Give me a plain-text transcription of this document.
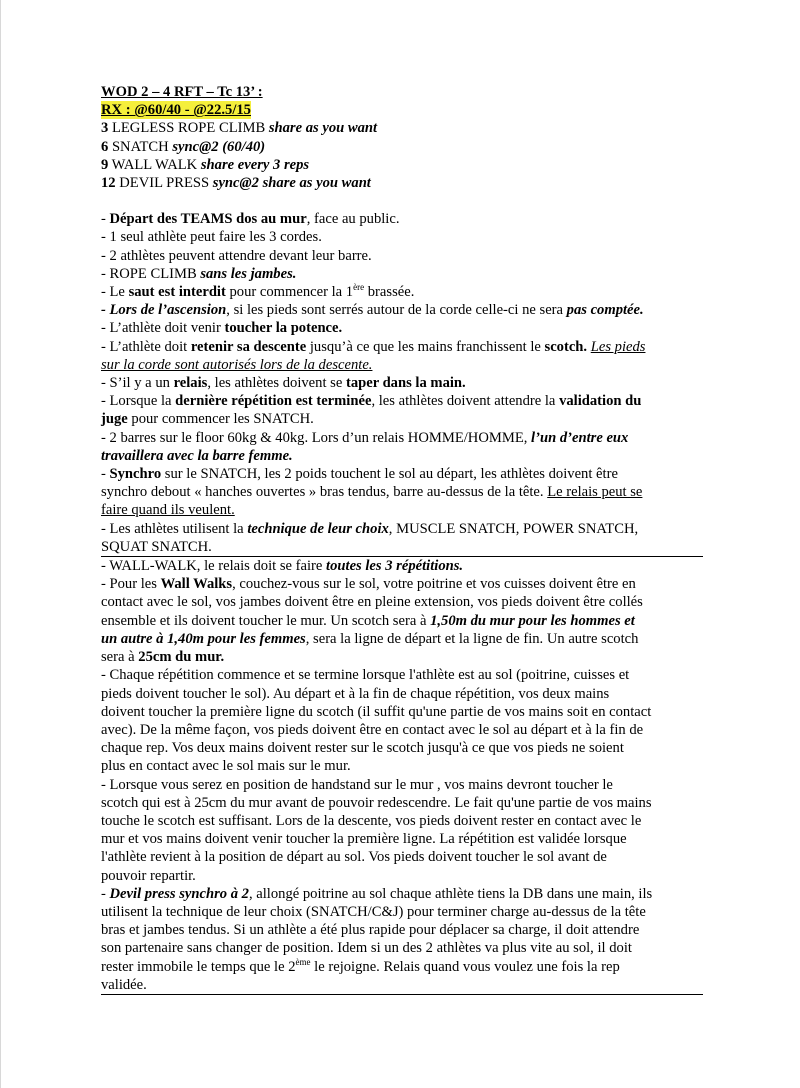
WOD 2 – 4 RFT – Tc 13’ :
RX : @60/40 - @22.5/15
3 LEGLESS ROPE CLIMB share as you want
6 SNATCH sync@2 (60/40)
9 WALL WALK share every 3 reps
12 DEVIL PRESS sync@2 share as you want
- Départ des TEAMS dos au mur, face au public.
- 1 seul athlète peut faire les 3 cordes.
- 2 athlètes peuvent attendre devant leur barre.
- ROPE CLIMB sans les jambes.
- Le saut est interdit pour commencer la 1ère brassée.
- Lors de l’ascension, si les pieds sont serrés autour de la corde celle-ci ne sera pas comptée.
- L’athlète doit venir toucher la potence.
- L’athlète doit retenir sa descente jusqu’à ce que les mains franchissent le scotch. Les pieds
sur la corde sont autorisés lors de la descente.
- S’il y a un relais, les athlètes doivent se taper dans la main.
- Lorsque la dernière répétition est terminée, les athlètes doivent attendre la validation du
juge pour commencer les SNATCH.
- 2 barres sur le floor 60kg & 40kg. Lors d’un relais HOMME/HOMME, l’un d’entre eux
travaillera avec la barre femme.
- Synchro sur le SNATCH, les 2 poids touchent le sol au départ, les athlètes doivent être
synchro debout « hanches ouvertes » bras tendus, barre au-dessus de la tête. Le relais peut se
faire quand ils veulent.
- Les athlètes utilisent la technique de leur choix, MUSCLE SNATCH, POWER SNATCH,
SQUAT SNATCH.
- WALL-WALK, le relais doit se faire toutes les 3 répétitions.
- Pour les Wall Walks, couchez-vous sur le sol, votre poitrine et vos cuisses doivent être en
contact avec le sol, vos jambes doivent être en pleine extension, vos pieds doivent être collés
ensemble et ils doivent toucher le mur. Un scotch sera à 1,50m du mur pour les hommes et
un autre à 1,40m pour les femmes, sera la ligne de départ et la ligne de fin. Un autre scotch
sera à 25cm du mur.
- Chaque répétition commence et se termine lorsque l'athlète est au sol (poitrine, cuisses et
pieds doivent toucher le sol). Au départ et à la fin de chaque répétition, vos deux mains
doivent toucher la première ligne du scotch (il suffit qu'une partie de vos mains soit en contact
avec). De la même façon, vos pieds doivent être en contact avec le sol au départ et à la fin de
chaque rep. Vos deux mains doivent rester sur le scotch jusqu'à ce que vos pieds ne soient
plus en contact avec le sol mais sur le mur.
- Lorsque vous serez en position de handstand sur le mur , vos mains devront toucher le
scotch qui est à 25cm du mur avant de pouvoir redescendre. Le fait qu'une partie de vos mains
touche le scotch est suffisant. Lors de la descente, vos pieds doivent rester en contact avec le
mur et vos mains doivent venir toucher la première ligne. La répétition est validée lorsque
l'athlète revient à la position de départ au sol. Vos pieds doivent toucher le sol avant de
pouvoir repartir.
- Devil press synchro à 2, allongé poitrine au sol chaque athlète tiens la DB dans une main, ils
utilisent la technique de leur choix (SNATCH/C&J) pour terminer charge au-dessus de la tête
bras et jambes tendus. Si un athlète a été plus rapide pour déplacer sa charge, il doit attendre
son partenaire sans changer de position. Idem si un des 2 athlètes va plus vite au sol, il doit
rester immobile le temps que le 2ème le rejoigne. Relais quand vous voulez une fois la rep
validée.
